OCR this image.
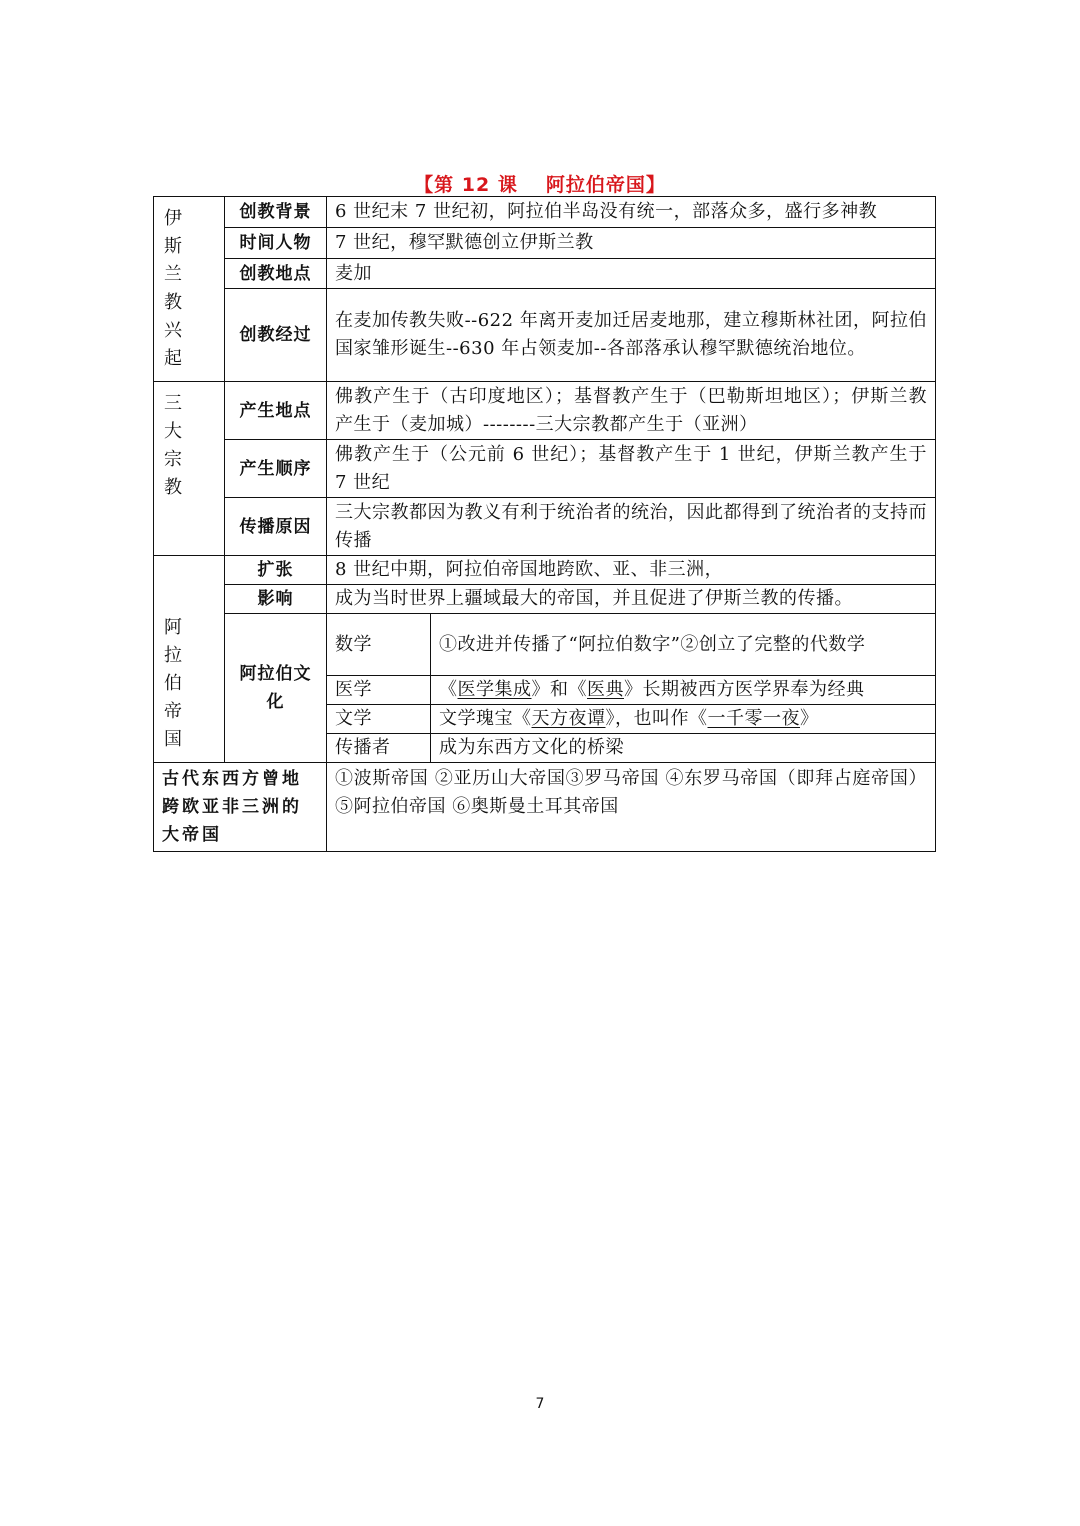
【第 12 课 阿拉伯帝国】
伊斯兰教兴起	创教背景	6 世纪末 7 世纪初，阿拉伯半岛没有统一，部落众多，盛行多神教	
	时间人物	7 世纪，穆罕默德创立伊斯兰教	
	创教地点	麦加	
	创教经过	在麦加传教失败--622 年离开麦加迁居麦地那，建立穆斯林社团，阿拉伯国家雏形诞生--630 年占领麦加--各部落承认穆罕默德统治地位。	
三大宗教	产生地点	佛教产生于（古印度地区）；基督教产生于（巴勒斯坦地区）；伊斯兰教产生于（麦加城）--------三大宗教都产生于（亚洲）	
	产生顺序	佛教产生于（公元前 6 世纪）；基督教产生于 1 世纪，伊斯兰教产生于 7 世纪	
	传播原因	三大宗教都因为教义有利于统治者的统治，因此都得到了统治者的支持而传播	
阿拉伯帝国	扩张	8 世纪中期，阿拉伯帝国地跨欧、亚、非三洲，	
	影响	成为当时世界上疆域最大的帝国，并且促进了伊斯兰教的传播。	
	阿拉伯文化	数学	①改进并传播了“阿拉伯数字”②创立了完整的代数学
		医学	《医学集成》和《医典》长期被西方医学界奉为经典
		文学	文学瑰宝《天方夜谭》，也叫作《一千零一夜》
		传播者	成为东西方文化的桥梁
古代东西方曾地跨欧亚非三洲的大帝国		①波斯帝国 ②亚历山大帝国③罗马帝国 ④东罗马帝国（即拜占庭帝国）⑤阿拉伯帝国 ⑥奥斯曼土耳其帝国	
7
